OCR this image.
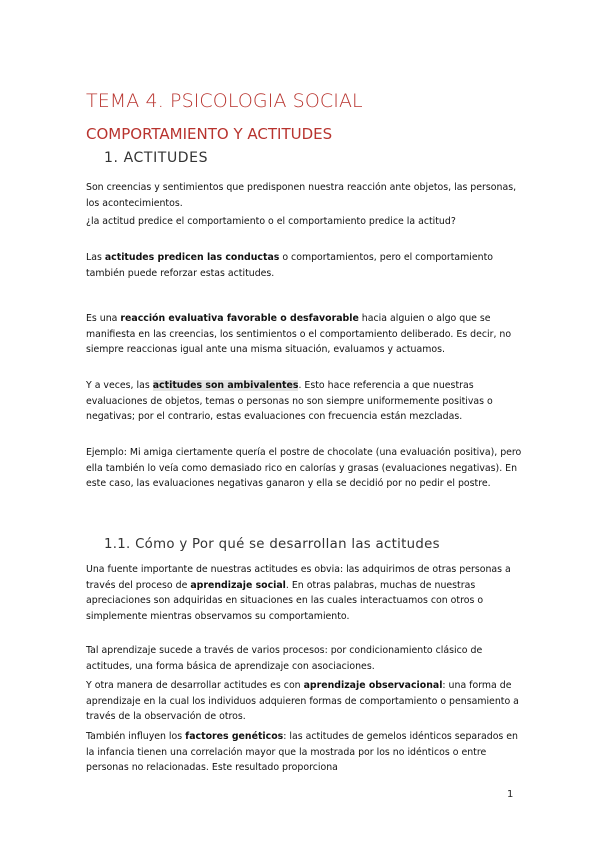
TEMA 4. PSICOLOGIA SOCIAL
COMPORTAMIENTO Y ACTITUDES
1. ACTITUDES

Son creencias y sentimientos que predisponen nuestra reacción ante objetos, las personas, los acontecimientos.

¿la actitud predice el comportamiento o el comportamiento predice la actitud?

Las actitudes predicen las conductas o comportamientos, pero el comportamiento también puede reforzar estas actitudes.

Es una reacción evaluativa favorable o desfavorable hacia alguien o algo que se manifiesta en las creencias, los sentimientos o el comportamiento deliberado. Es decir, no siempre reaccionas igual ante una misma situación, evaluamos y actuamos.

Y a veces, las actitudes son ambivalentes. Esto hace referencia a que nuestras evaluaciones de objetos, temas o personas no son siempre uniformemente positivas o negativas; por el contrario, estas evaluaciones con frecuencia están mezcladas.

Ejemplo: Mi amiga ciertamente quería el postre de chocolate (una evaluación positiva), pero ella también lo veía como demasiado rico en calorías y grasas (evaluaciones negativas). En este caso, las evaluaciones negativas ganaron y ella se decidió por no pedir el postre.

1.1. Cómo y Por qué se desarrollan las actitudes

Una fuente importante de nuestras actitudes es obvia: las adquirimos de otras personas a través del proceso de aprendizaje social. En otras palabras, muchas de nuestras apreciaciones son adquiridas en situaciones en las cuales interactuamos con otros o simplemente mientras observamos su comportamiento.

Tal aprendizaje sucede a través de varios procesos: por condicionamiento clásico de actitudes, una forma básica de aprendizaje con asociaciones.

Y otra manera de desarrollar actitudes es con aprendizaje observacional: una forma de aprendizaje en la cual los individuos adquieren formas de comportamiento o pensamiento a través de la observación de otros.

También influyen los factores genéticos: las actitudes de gemelos idénticos separados en la infancia tienen una correlación mayor que la mostrada por los no idénticos o entre personas no relacionadas. Este resultado proporciona

1
